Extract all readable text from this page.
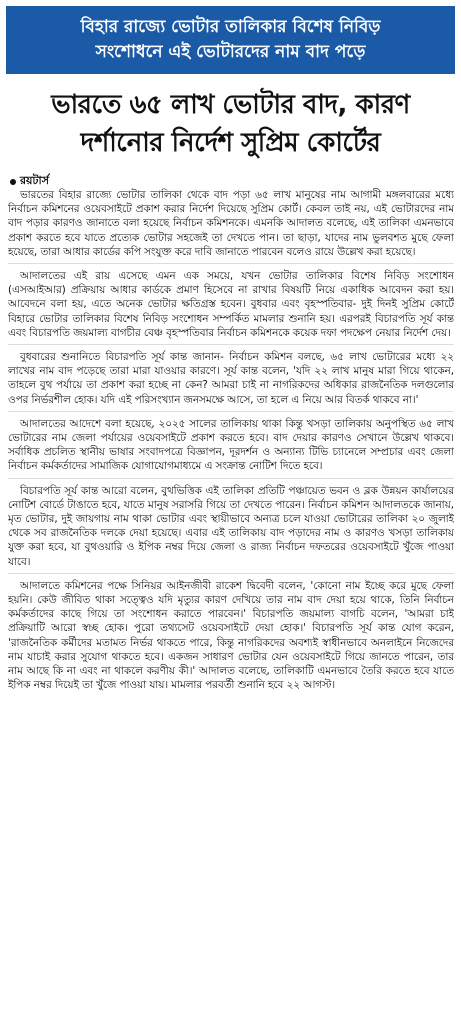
বিহার রাজ্যে ভোটার তালিকার বিশেষ নিবিড়
সংশোধনে এই ভোটারদের নাম বাদ পড়ে
ভারতে ৬৫ লাখ ভোটার বাদ, কারণ
দর্শানোর নির্দেশ সুপ্রিম কোর্টের
রয়টার্স

ভারতের বিহার রাজ্যে ভোটার তালিকা থেকে বাদ পড়া ৬৫ লাখ মানুষের নাম আগামী মঙ্গলবারের মধ্যে নির্বাচন কমিশনের ওয়েবসাইটে প্রকাশ করার নির্দেশ দিয়েছে সুপ্রিম কোর্ট। কেবল তাই নয়, এই ভোটারদের নাম বাদ পড়ার কারণও জানাতে বলা হয়েছে নির্বাচন কমিশনকে। এমনকি আদালত বলেছে, এই তালিকা এমনভাবে প্রকাশ করতে হবে যাতে প্রত্যেক ভোটার সহজেই তা দেখতে পান। তা ছাড়া, যাদের নাম ভুলবশত মুছে ফেলা হয়েছে, তারা আধার কার্ডের কপি সংযুক্ত করে দাবি জানাতে পারবেন বলেও রায়ে উল্লেখ করা হয়েছে।

আদালতের এই রায় এসেছে এমন এক সময়ে, যখন ভোটার তালিকার বিশেষ নিবিড় সংশোধন (এসআইআর) প্রক্রিয়ায় আধার কার্ডকে প্রমাণ হিসেবে না রাখার বিষয়টি নিয়ে একাধিক আবেদন করা হয়। আবেদনে বলা হয়, এতে অনেক ভোটার ক্ষতিগ্রস্ত হবেন। বুধবার এবং বৃহস্পতিবার- দুই দিনই সুপ্রিম কোর্টে বিহারে ভোটার তালিকার বিশেষ নিবিড় সংশোধন সম্পর্কিত মামলার শুনানি হয়। এরপরই বিচারপতি সূর্য কান্ত এবং বিচারপতি জয়মাল্য বাগচীর বেঞ্চ বৃহস্পতিবার নির্বাচন কমিশনকে কয়েক দফা পদক্ষেপ নেয়ার নির্দেশ দেয়।

বুধবারের শুনানিতে বিচারপতি সূর্য কান্ত জানান- নির্বাচন কমিশন বলছে, ৬৫ লাখ ভোটারের মধ্যে ২২ লাখের নাম বাদ পড়েছে তারা মারা যাওয়ার কারণে। সূর্য কান্ত বলেন, 'যদি ২২ লাখ মানুষ মারা গিয়ে থাকেন, তাহলে বুথ পর্যায়ে তা প্রকাশ করা হচ্ছে না কেন? আমরা চাই না নাগরিকদের অধিকার রাজনৈতিক দলগুলোর ওপর নির্ভরশীল হোক। যদি এই পরিসংখ্যান জনসমক্ষে আসে, তা হলে এ নিয়ে আর বিতর্ক থাকবে না।'

আদালতের আদেশে বলা হয়েছে, ২০২৫ সালের তালিকায় থাকা কিন্তু খসড়া তালিকায় অনুপস্থিত ৬৫ লাখ ভোটারের নাম জেলা পর্যায়ের ওয়েবসাইটে প্রকাশ করতে হবে। বাদ দেয়ার কারণও সেখানে উল্লেখ থাকবে। সর্বাধিক প্রচলিত স্থানীয় ভাষার সংবাদপত্রে বিজ্ঞাপন, দূরদর্শন ও অন্যান্য টিভি চ্যানেলে সম্প্রচার এবং জেলা নির্বাচন কর্মকর্তাদের সামাজিক যোগাযোগমাধ্যমে এ সংক্রান্ত নোটিশ দিতে হবে।

বিচারপতি সূর্য কান্ত আরো বলেন, বুথভিত্তিক এই তালিকা প্রতিটি পঞ্চায়েত ভবন ও ব্লক উন্নয়ন কার্যালয়ের নোটিশ বোর্ডে টাঙাতে হবে, যাতে মানুষ সরাসরি গিয়ে তা দেখতে পারেন। নির্বাচন কমিশন আদালতকে জানায়, মৃত ভোটার, দুই জায়গায় নাম থাকা ভোটার এবং স্থায়ীভাবে অন্যত্র চলে যাওয়া ভোটারের তালিকা ২০ জুলাই থেকে সব রাজনৈতিক দলকে দেয়া হয়েছে। এবার এই তালিকায় বাদ পড়াদের নাম ও কারণও খসড়া তালিকায় যুক্ত করা হবে, যা বুথওয়ারি ও ইপিক নম্বর দিয়ে জেলা ও রাজ্য নির্বাচন দফতরের ওয়েবসাইটে খুঁজে পাওয়া যাবে।

আদালতে কমিশনের পক্ষে সিনিয়র আইনজীবী রাকেশ দ্বিবেদী বলেন, 'কোনো নাম ইচ্ছে করে মুছে ফেলা হয়নি। কেউ জীবিত থাকা সত্ত্বেও যদি মৃত্যুর কারণ দেখিয়ে তার নাম বাদ দেয়া হয়ে থাকে, তিনি নির্বাচন কর্মকর্তাদের কাছে গিয়ে তা সংশোধন করাতে পারবেন।' বিচারপতি জয়মাল্য বাগচি বলেন, 'আমরা চাই প্রক্রিয়াটি আরো স্বচ্ছ হোক। পুরো তথ্যসেট ওয়েবসাইটে দেয়া হোক।' বিচারপতি সূর্য কান্ত যোগ করেন, 'রাজনৈতিক কর্মীদের মতামত নির্ভর থাকতে পারে, কিন্তু নাগরিকদের অবশ্যই স্বাধীনভাবে অনলাইনে নিজেদের নাম যাচাই করার সুযোগ থাকতে হবে। একজন সাধারণ ভোটার যেন ওয়েবসাইটে গিয়ে জানতে পারেন, তার নাম আছে কি না এবং না থাকলে করণীয় কী।' আদালত বলেছে, তালিকাটি এমনভাবে তৈরি করতে হবে যাতে ইপিক নম্বর দিয়েই তা খুঁজে পাওয়া যায়। মামলার পরবর্তী শুনানি হবে ২২ আগস্ট।
